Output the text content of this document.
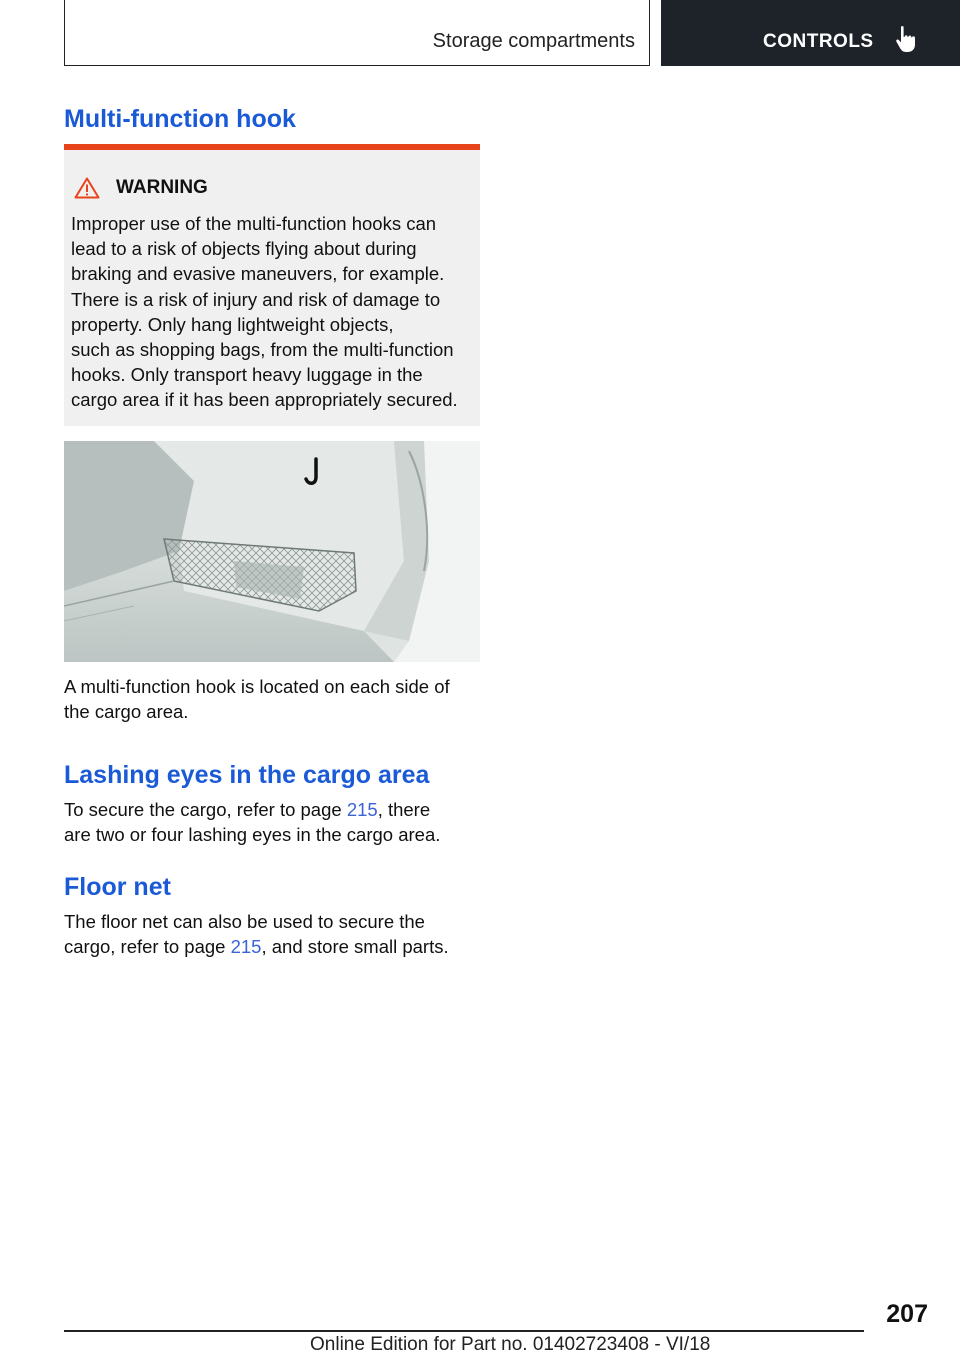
Storage compartments	CONTROLS
Multi-function hook
WARNING
Improper use of the multi-function hooks can
lead to a risk of objects flying about during
braking and evasive maneuvers, for example.
There is a risk of injury and risk of damage to
property. Only hang lightweight objects,
such as shopping bags, from the multi-function
hooks. Only transport heavy luggage in the
cargo area if it has been appropriately secured.
A multi-function hook is located on each side of
the cargo area.
Lashing eyes in the cargo area
To secure the cargo, refer to page 215, there
are two or four lashing eyes in the cargo area.
Floor net
The floor net can also be used to secure the
cargo, refer to page 215, and store small parts.
207
Online Edition for Part no. 01402723408 - VI/18
